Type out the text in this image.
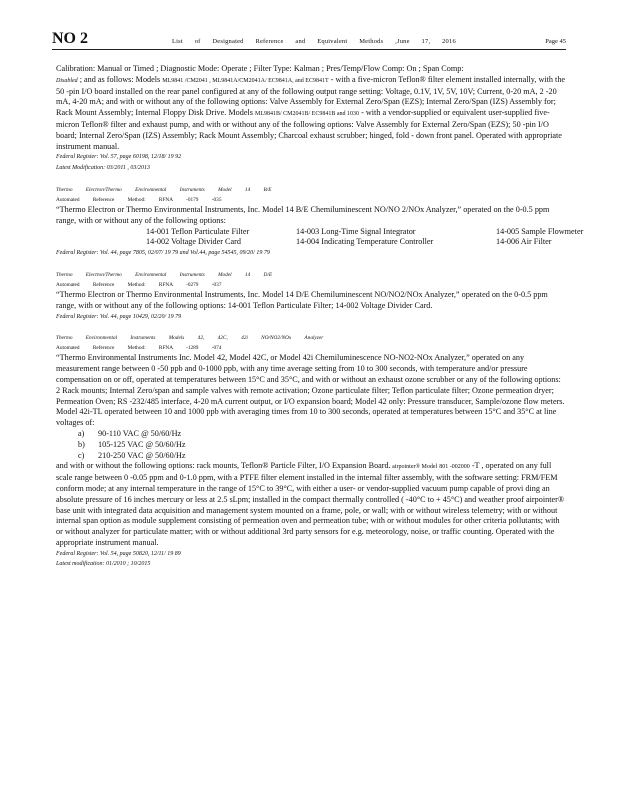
NO 2	List of Designated Reference and Equivalent Methods ,June 17, 2016	Page 45

Calibration: Manual or Timed ; Diagnostic Mode: Operate ; Filter Type: Kalman ; Pres/Temp/Flow Comp: On ; Span Comp:
Disabled ; and as follows: Models ML9841 /CM2041 , ML9841A/CM2041A/ EC9841A, and EC9841T - with a five-micron Teflon® filter element installed internally, with the 50 -pin I/O board installed on the rear panel configured at any of the following output range setting: Voltage, 0.1V, 1V, 5V, 10V; Current, 0-20 mA, 2 -20 mA, 4-20 mA; and with or without any of the following options: Valve Assembly for External Zero/Span (EZS); Internal Zero/Span (IZS) Assembly for; Rack Mount Assembly; Internal Floppy Disk Drive. Models ML9841B/ CM2041B/ EC9841B and 1030 - with a vendor-supplied or equivalent user-supplied five-micron Teflon® filter and exhaust pump, and with or without any of the following options: Valve Assembly for External Zero/Span (EZS); 50 -pin I/O board; Internal Zero/Span (IZS) Assembly; Rack Mount Assembly; Charcoal exhaust scrubber; hinged, fold - down front panel. Operated with appropriate instrument manual.

Federal Register: Vol. 57, page 60198, 12/18/ 19 92

Latest Modification: 03/2011 , 03/2013

Thermo Electron/Thermo Environmental Instruments Model 14 B/E

Automated Reference Method: RFNA -0179 -035

“Thermo Electron or Thermo Environmental Instruments, Inc. Model 14 B/E Chemiluminescent NO/NO 2/NOx Analyzer,” operated on the 0-0.5 ppm range, with or without any of the following options:

14-001 Teflon Particulate Filter	14-003 Long-Time Signal Integrator	14-005 Sample Flowmeter
14-002 Voltage Divider Card	14-004 Indicating Temperature Controller	14-006 Air Filter

Federal Register: Vol. 44, page 7805, 02/07/ 19 79 and Vol.44, page 54545, 09/20/ 19 79

Thermo Electron/Thermo Environmental Instruments Model 14 D/E

Automated Reference Method: RFNA -0279 -037

“Thermo Electron or Thermo Environmental Instruments, Inc. Model 14 D/E Chemiluminescent NO/NO2/NOx Analyzer,” operated on the 0-0.5 ppm range, with or without any of the following options: 14-001 Teflon Particulate Filter; 14-002 Voltage Divider Card.

Federal Register: Vol. 44, page 10429, 02/20/ 19 79

Thermo Environmental Instruments Models 42, 42C, 42i NO/NO2/NOx Analyzer

Automated Reference Method: RFNA -1289 -074

“Thermo Environmental Instruments Inc. Model 42, Model 42C, or Model 42i Chemiluminescence NO-NO2-NOx Analyzer,” operated on any measurement range between 0 -50 ppb and 0-1000 ppb, with any time average setting from 10 to 300 seconds, with temperature and/or pressure compensation on or off, operated at temperatures between 15°C and 35°C, and with or without an exhaust ozone scrubber or any of the following options: 2 Rack mounts; Internal Zero/span and sample valves with remote activation; Ozone particulate filter; Teflon particulate filter; Ozone permeation dryer; Permeation Oven; RS -232/485 interface, 4-20 mA current output, or I/O expansion board; Model 42 only: Pressure transducer, Sample/ozone flow meters. Model 42i-TL operated between 10 and 1000 ppb with averaging times from 10 to 300 seconds, operated at temperatures between 15°C and 35°C at line voltages of:

a)	90-110 VAC @ 50/60/Hz
b)	105-125 VAC @ 50/60/Hz
c)	210-250 VAC @ 50/60/Hz

and with or without the following options: rack mounts, Teflon® Particle Filter, I/O Expansion Board. airpointer® Model 801 -002000 -T , operated on any full scale range between 0 -0.05 ppm and 0-1.0 ppm, with a PTFE filter element installed in the internal filter assembly, with the software setting: FRM/FEM conform mode; at any internal temperature in the range of 15°C to 39°C, with either a user- or vendor-supplied vacuum pump capable of provi ding an absolute pressure of 16 inches mercury or less at 2.5 sLpm; installed in the compact thermally controlled ( -40°C to + 45°C) and weather proof airpointer® base unit with integrated data acquisition and management system mounted on a frame, pole, or wall; with or without wireless telemetry; with or without internal span option as module supplement consisting of permeation oven and permeation tube; with or without modules for other criteria pollutants; with or without analyzer for particulate matter; with or without additional 3rd party sensors for e.g. meteorology, noise, or traffic counting. Operated with the appropriate instrument manual.

Federal Register: Vol. 54, page 50820, 12/11/ 19 89

Latest modification: 01/2010 ; 10/2015
